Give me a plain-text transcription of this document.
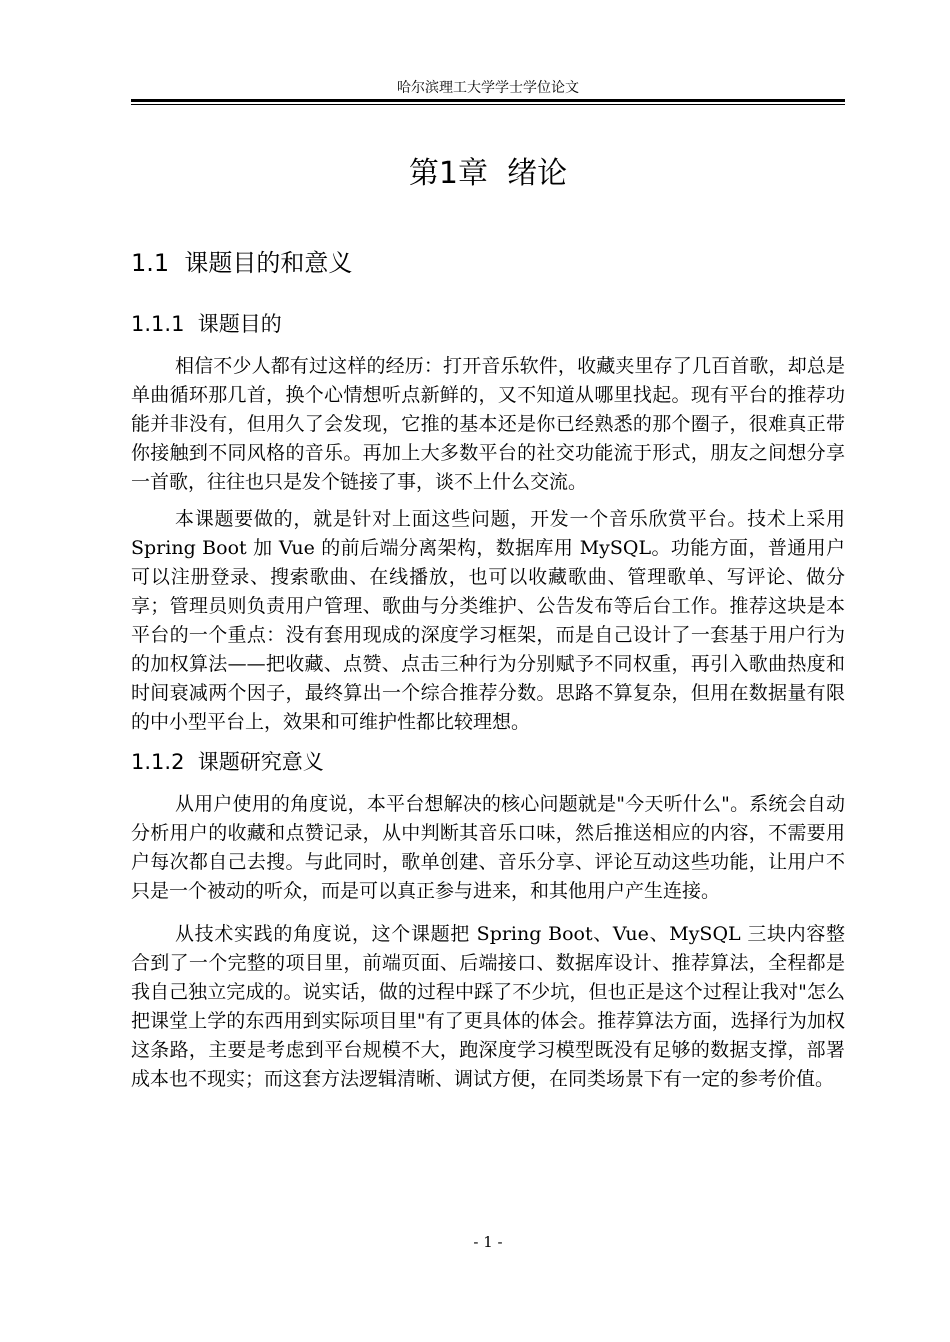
哈尔滨理工大学学士学位论文
第1章  绪论
1.1  课题目的和意义
1.1.1  课题目的

相信不少人都有过这样的经历：打开音乐软件，收藏夹里存了几百首歌，却总是单曲循环那几首，换个心情想听点新鲜的，又不知道从哪里找起。现有平台的推荐功能并非没有，但用久了会发现，它推的基本还是你已经熟悉的那个圈子，很难真正带你接触到不同风格的音乐。再加上大多数平台的社交功能流于形式，朋友之间想分享一首歌，往往也只是发个链接了事，谈不上什么交流。

本课题要做的，就是针对上面这些问题，开发一个音乐欣赏平台。技术上采用 Spring Boot 加 Vue 的前后端分离架构，数据库用 MySQL。功能方面，普通用户可以注册登录、搜索歌曲、在线播放，也可以收藏歌曲、管理歌单、写评论、做分享；管理员则负责用户管理、歌曲与分类维护、公告发布等后台工作。推荐这块是本平台的一个重点：没有套用现成的深度学习框架，而是自己设计了一套基于用户行为的加权算法——把收藏、点赞、点击三种行为分别赋予不同权重，再引入歌曲热度和时间衰减两个因子，最终算出一个综合推荐分数。思路不算复杂，但用在数据量有限的中小型平台上，效果和可维护性都比较理想。

1.1.2  课题研究意义

从用户使用的角度说，本平台想解决的核心问题就是"今天听什么"。系统会自动分析用户的收藏和点赞记录，从中判断其音乐口味，然后推送相应的内容，不需要用户每次都自己去搜。与此同时，歌单创建、音乐分享、评论互动这些功能，让用户不只是一个被动的听众，而是可以真正参与进来，和其他用户产生连接。

从技术实践的角度说，这个课题把 Spring Boot、Vue、MySQL 三块内容整合到了一个完整的项目里，前端页面、后端接口、数据库设计、推荐算法，全程都是我自己独立完成的。说实话，做的过程中踩了不少坑，但也正是这个过程让我对"怎么把课堂上学的东西用到实际项目里"有了更具体的体会。推荐算法方面，选择行为加权这条路，主要是考虑到平台规模不大，跑深度学习模型既没有足够的数据支撑，部署成本也不现实；而这套方法逻辑清晰、调试方便，在同类场景下有一定的参考价值。

- 1 -
